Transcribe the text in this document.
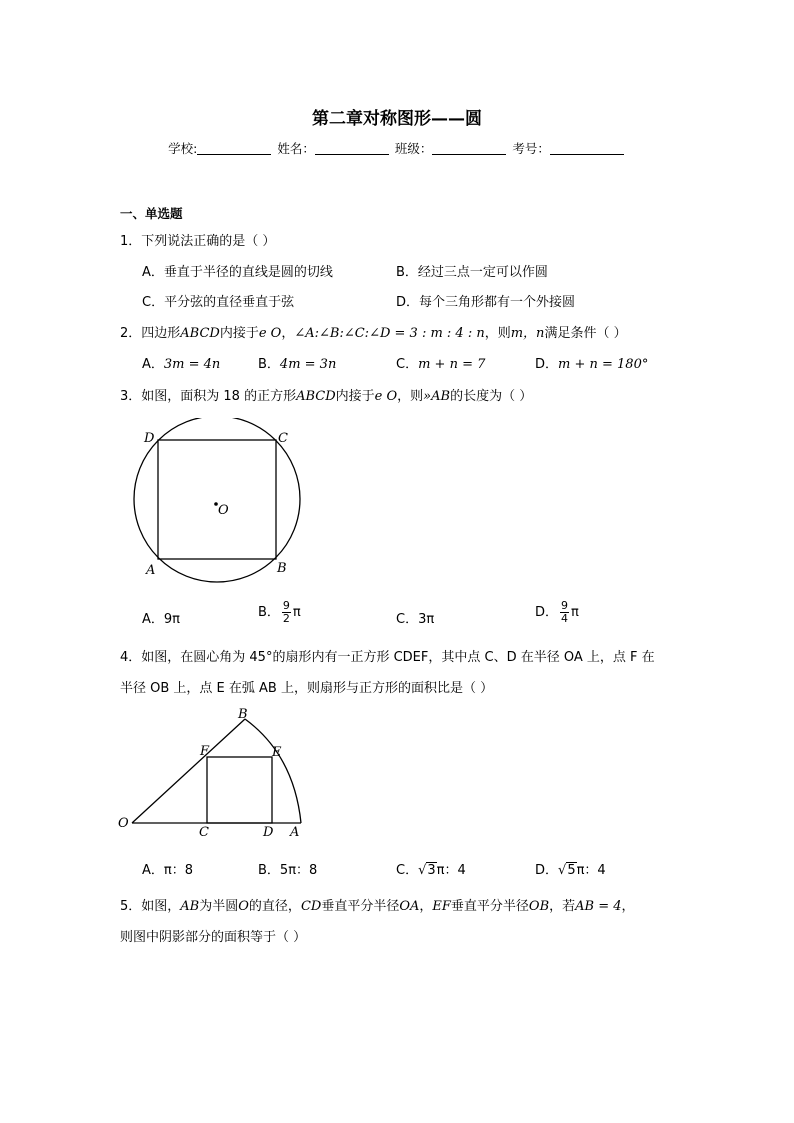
第二章对称图形——圆
学校:	姓名：	班级：	考号：
一、单选题
1．下列说法正确的是（ ）
A．垂直于半径的直线是圆的切线	B．经过三点一定可以作圆
C．平分弦的直径垂直于弦	D．每个三角形都有一个外接圆
2．四边形ABCD内接于e O，∠A:∠B:∠C:∠D = 3 : m : 4 : n，则m，n满足条件（ ）
A．3m = 4n	B．4m = 3n	C．m + n = 7	D．m + n = 180°
3．如图，面积为 18 的正方形ABCD内接于e O，则»AB的长度为（ ）
O
D	C
A	B
A．9π	B． $\frac{9}{2}$ π	C．3π	D． $\frac{9}{4}$ π
4．如图，在圆心角为 45°的扇形内有一正方形 CDEF，其中点 C、D 在半径 OA 上，点 F 在
半径 OB 上，点 E 在弧 AB 上，则扇形与正方形的面积比是（ ）
O
A
B
C	D
E
F
A．π：8	B．5π：8	C．√3π：4	D．√5π：4
5．如图，AB为半圆O的直径，CD垂直平分半径OA，EF垂直平分半径OB，若AB = 4，
则图中阴影部分的面积等于（ ）
